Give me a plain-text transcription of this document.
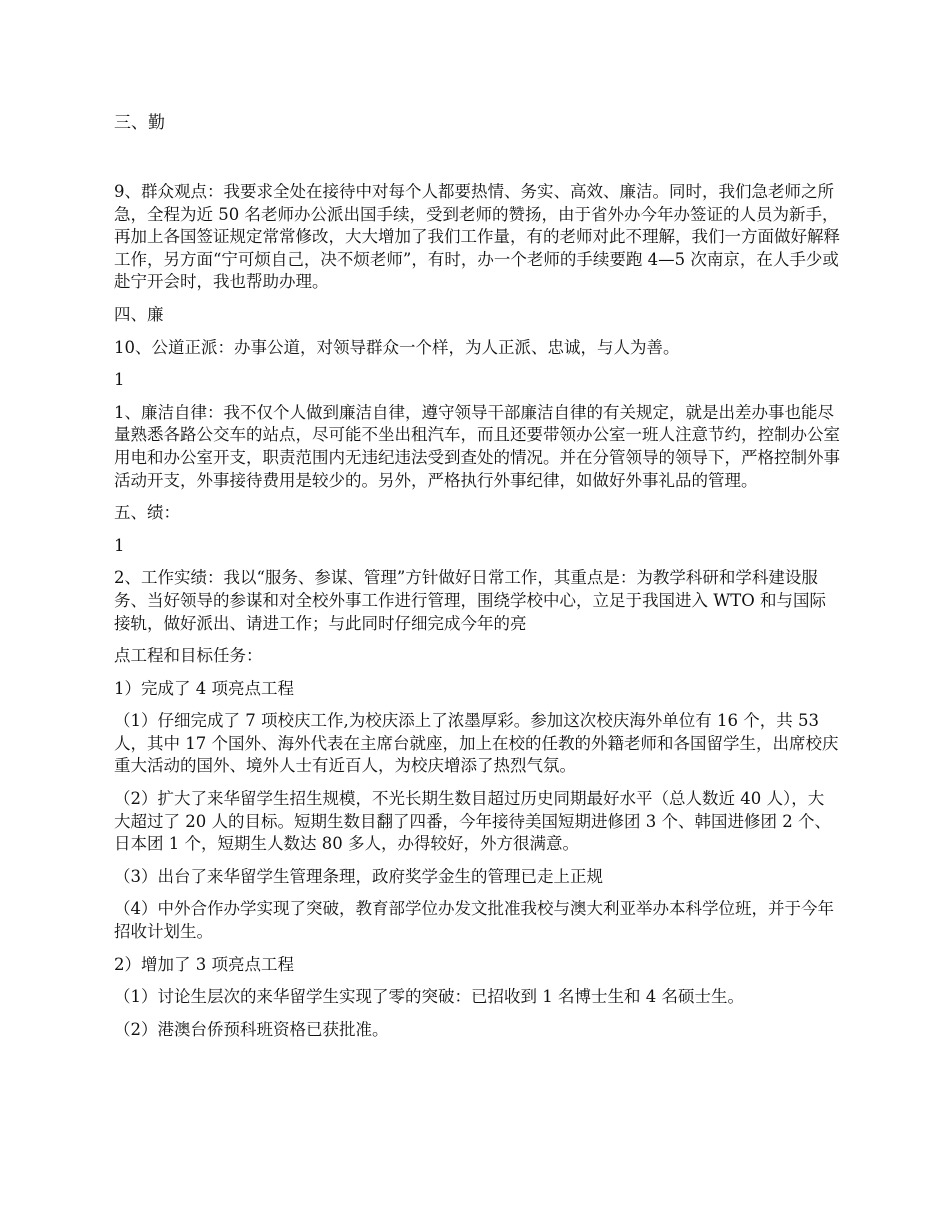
三、勤

9、群众观点：我要求全处在接待中对每个人都要热情、务实、高效、廉洁。同时，我们急老师之所急，全程为近 50 名老师办公派出国手续，受到老师的赞扬，由于省外办今年办签证的人员为新手，再加上各国签证规定常常修改，大大增加了我们工作量，有的老师对此不理解，我们一方面做好解释工作，另方面“宁可烦自己，决不烦老师”，有时，办一个老师的手续要跑 4—5 次南京，在人手少或赴宁开会时，我也帮助办理。

四、廉

10、公道正派：办事公道，对领导群众一个样，为人正派、忠诚，与人为善。

1

1、廉洁自律：我不仅个人做到廉洁自律，遵守领导干部廉洁自律的有关规定，就是出差办事也能尽量熟悉各路公交车的站点，尽可能不坐出租汽车，而且还要带领办公室一班人注意节约，控制办公室用电和办公室开支，职责范围内无违纪违法受到查处的情况。并在分管领导的领导下，严格控制外事活动开支，外事接待费用是较少的。另外，严格执行外事纪律，如做好外事礼品的管理。

五、绩：

1

2、工作实绩：我以“服务、参谋、管理”方针做好日常工作，其重点是：为教学科研和学科建设服务、当好领导的参谋和对全校外事工作进行管理，围绕学校中心，立足于我国进入 WTO 和与国际接轨，做好派出、请进工作；与此同时仔细完成今年的亮

点工程和目标任务：

1）完成了 4 项亮点工程

（1）仔细完成了 7 项校庆工作,为校庆添上了浓墨厚彩。参加这次校庆海外单位有 16 个，共 53 人，其中 17 个国外、海外代表在主席台就座，加上在校的任教的外籍老师和各国留学生，出席校庆重大活动的国外、境外人士有近百人，为校庆增添了热烈气氛。

（2）扩大了来华留学生招生规模，不光长期生数目超过历史同期最好水平（总人数近 40 人），大大超过了 20 人的目标。短期生数目翻了四番，今年接待美国短期进修团 3 个、韩国进修团 2 个、日本团 1 个，短期生人数达 80 多人，办得较好，外方很满意。

（3）出台了来华留学生管理条理，政府奖学金生的管理已走上正规

（4）中外合作办学实现了突破，教育部学位办发文批准我校与澳大利亚举办本科学位班，并于今年招收计划生。

2）增加了 3 项亮点工程

（1）讨论生层次的来华留学生实现了零的突破：已招收到 1 名博士生和 4 名硕士生。

（2）港澳台侨预科班资格已获批准。
